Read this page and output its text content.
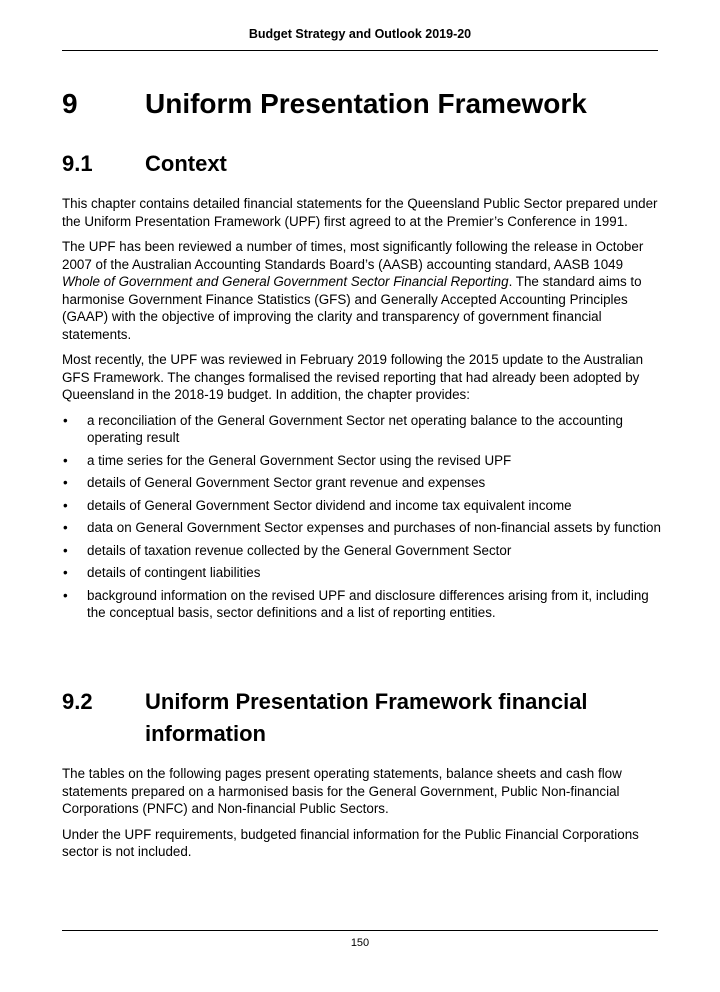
Budget Strategy and Outlook 2019-20
9 Uniform Presentation Framework
9.1 Context

This chapter contains detailed financial statements for the Queensland Public Sector prepared under the Uniform Presentation Framework (UPF) first agreed to at the Premier’s Conference in 1991.

The UPF has been reviewed a number of times, most significantly following the release in October 2007 of the Australian Accounting Standards Board’s (AASB) accounting standard, AASB 1049 Whole of Government and General Government Sector Financial Reporting. The standard aims to harmonise Government Finance Statistics (GFS) and Generally Accepted Accounting Principles (GAAP) with the objective of improving the clarity and transparency of government financial statements.

Most recently, the UPF was reviewed in February 2019 following the 2015 update to the Australian GFS Framework. The changes formalised the revised reporting that had already been adopted by Queensland in the 2018-19 budget. In addition, the chapter provides:

• a reconciliation of the General Government Sector net operating balance to the accounting operating result
• a time series for the General Government Sector using the revised UPF
• details of General Government Sector grant revenue and expenses
• details of General Government Sector dividend and income tax equivalent income
• data on General Government Sector expenses and purchases of non-financial assets by function
• details of taxation revenue collected by the General Government Sector
• details of contingent liabilities
• background information on the revised UPF and disclosure differences arising from it, including the conceptual basis, sector definitions and a list of reporting entities.
9.2 Uniform Presentation Framework financial information

The tables on the following pages present operating statements, balance sheets and cash flow statements prepared on a harmonised basis for the General Government, Public Non-financial Corporations (PNFC) and Non-financial Public Sectors.

Under the UPF requirements, budgeted financial information for the Public Financial Corporations sector is not included.

150
